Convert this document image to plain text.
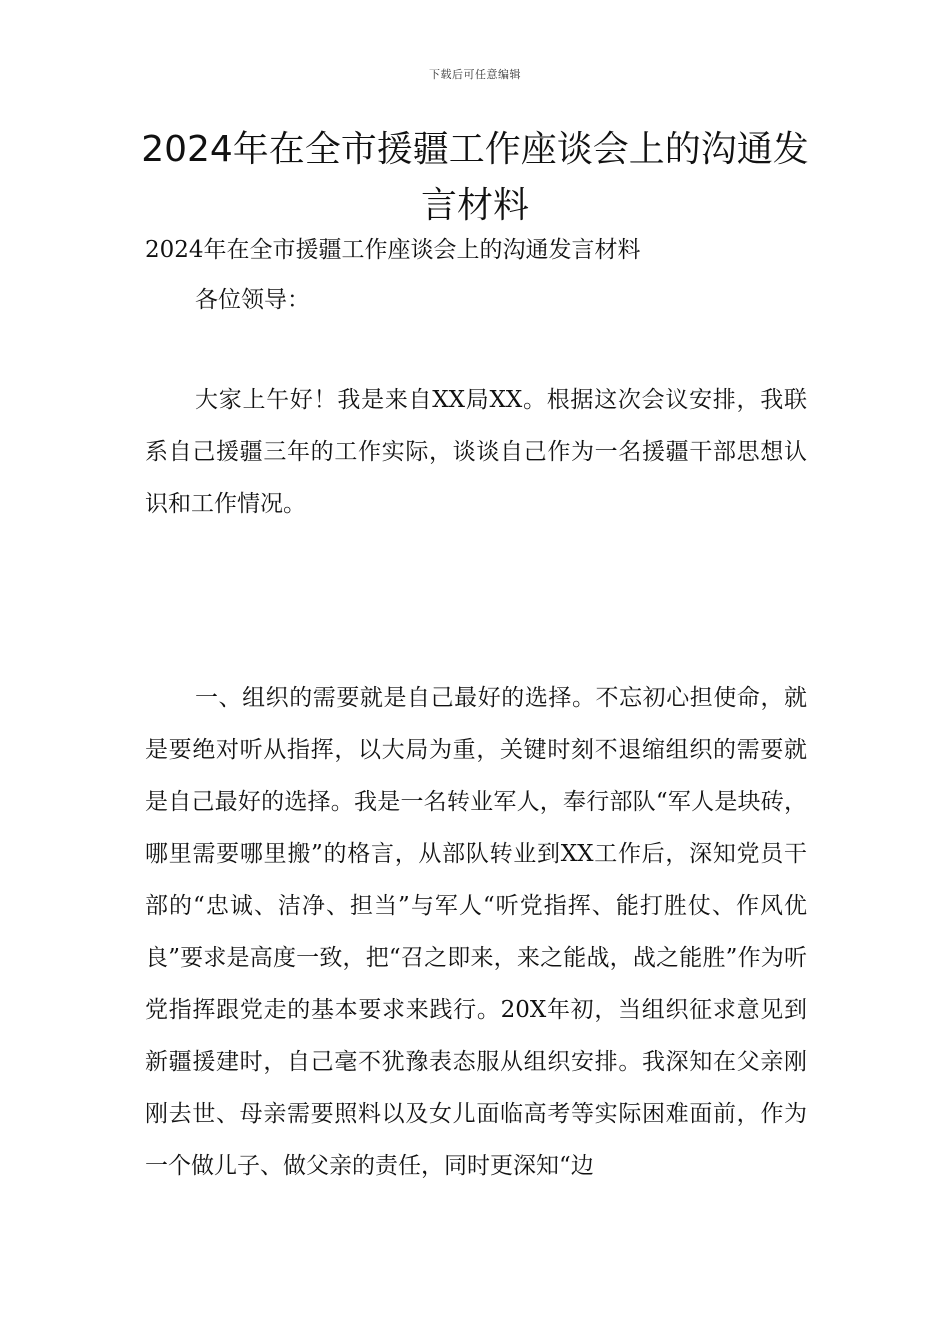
下载后可任意编辑
2024年在全市援疆工作座谈会上的沟通发言材料
2024年在全市援疆工作座谈会上的沟通发言材料
各位领导：

大家上午好！我是来自XX局XX。根据这次会议安排，我联系自己援疆三年的工作实际，谈谈自己作为一名援疆干部思想认识和工作情况。

一、组织的需要就是自己最好的选择。不忘初心担使命，就是要绝对听从指挥，以大局为重，关键时刻不退缩组织的需要就是自己最好的选择。我是一名转业军人，奉行部队“军人是块砖，哪里需要哪里搬”的格言，从部队转业到XX工作后，深知党员干部的“忠诚、洁净、担当”与军人“听党指挥、能打胜仗、作风优良”要求是高度一致，把“召之即来，来之能战，战之能胜”作为听党指挥跟党走的基本要求来践行。20X年初，当组织征求意见到新疆援建时，自己毫不犹豫表态服从组织安排。我深知在父亲刚刚去世、母亲需要照料以及女儿面临高考等实际困难面前，作为一个做儿子、做父亲的责任，同时更深知“边
